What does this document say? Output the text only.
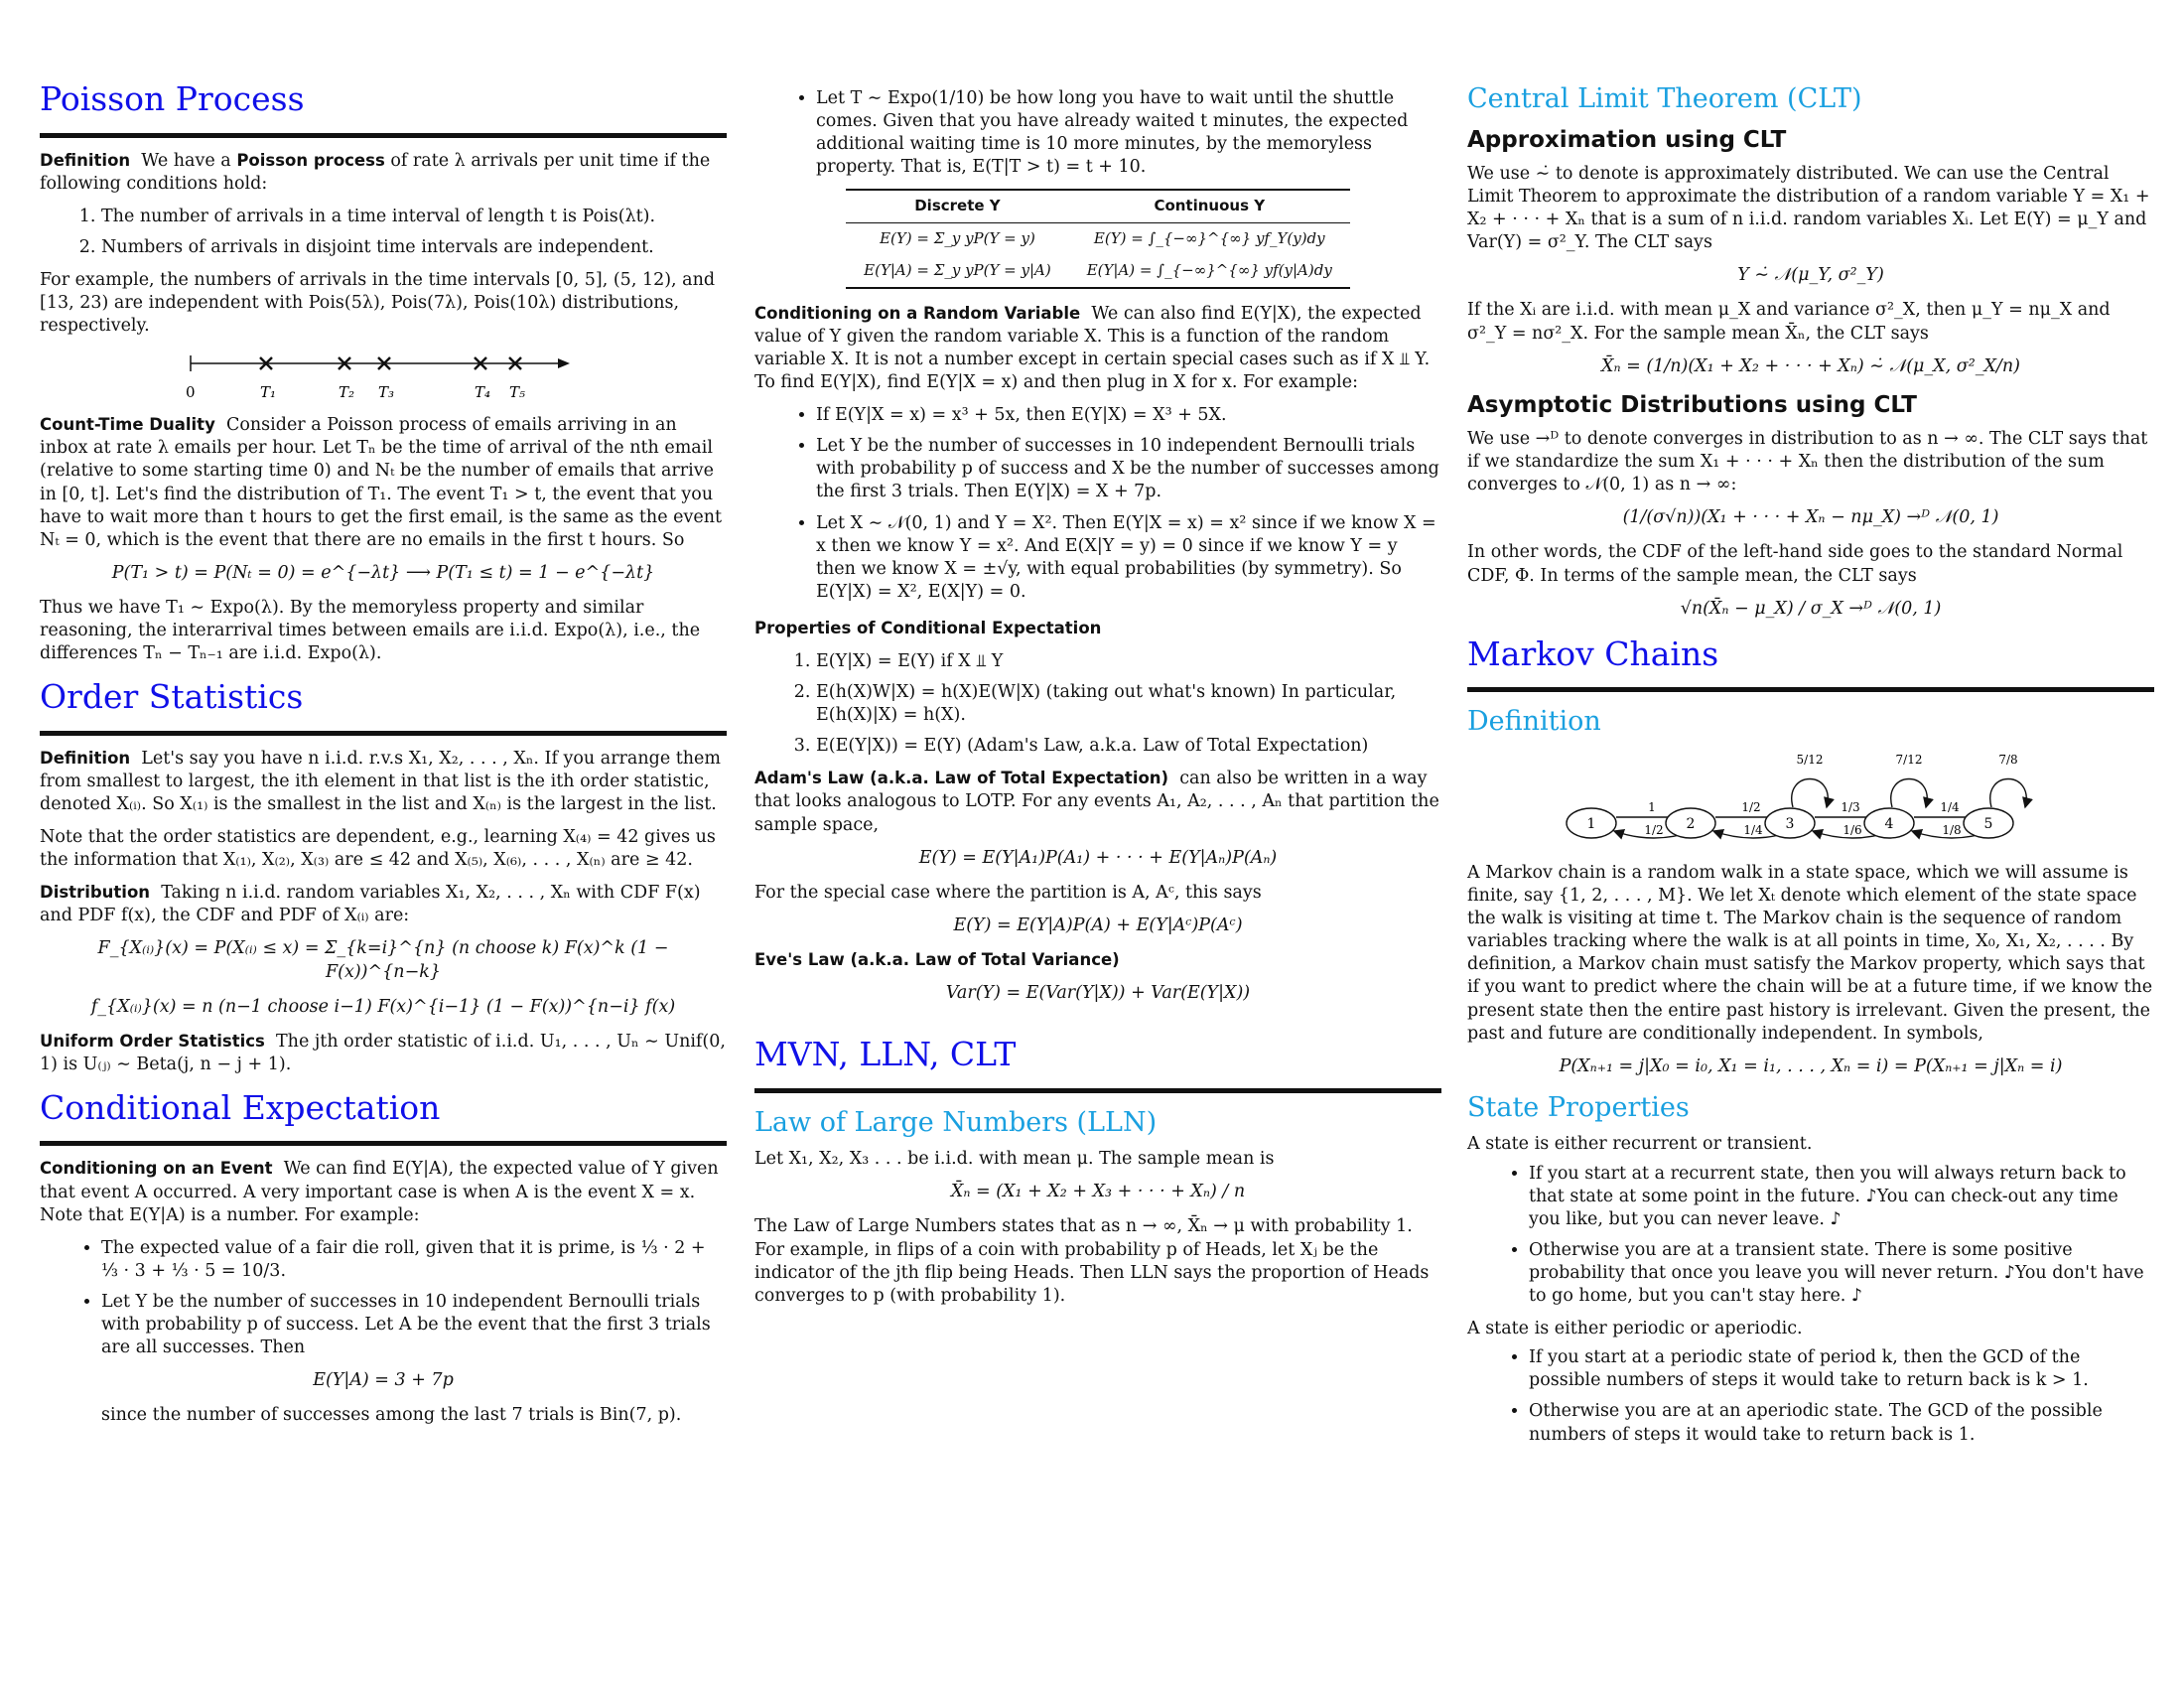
Poisson Process

Definition We have a Poisson process of rate λ arrivals per unit time if the following conditions hold:

1. The number of arrivals in a time interval of length t is Pois(λt).
2. Numbers of arrivals in disjoint time intervals are independent.

For example, the numbers of arrivals in the time intervals [0, 5], (5, 12), and [13, 23) are independent with Pois(5λ), Pois(7λ), Pois(10λ) distributions, respectively.

0	T₁	T₂ T₃	T₄ T₅

Count-Time Duality Consider a Poisson process of emails arriving in an inbox at rate λ emails per hour. Let Tₙ be the time of arrival of the nth email (relative to some starting time 0) and Nₜ be the number of emails that arrive in [0, t]. Let's find the distribution of T₁. The event T₁ > t, the event that you have to wait more than t hours to get the first email, is the same as the event Nₜ = 0, which is the event that there are no emails in the first t hours. So

P(T₁ > t) = P(Nₜ = 0) = e^{−λt} ⟶ P(T₁ ≤ t) = 1 − e^{−λt}

Thus we have T₁ ∼ Expo(λ). By the memoryless property and similar reasoning, the interarrival times between emails are i.i.d. Expo(λ), i.e., the differences Tₙ − Tₙ₋₁ are i.i.d. Expo(λ).

Order Statistics

Definition Let's say you have n i.i.d. r.v.s X₁, X₂, . . . , Xₙ. If you arrange them from smallest to largest, the ith element in that list is the ith order statistic, denoted X₍ᵢ₎. So X₍₁₎ is the smallest in the list and X₍ₙ₎ is the largest in the list.

Note that the order statistics are dependent, e.g., learning X₍₄₎ = 42 gives us the information that X₍₁₎, X₍₂₎, X₍₃₎ are ≤ 42 and X₍₅₎, X₍₆₎, . . . , X₍ₙ₎ are ≥ 42.

Distribution Taking n i.i.d. random variables X₁, X₂, . . . , Xₙ with CDF F(x) and PDF f(x), the CDF and PDF of X₍ᵢ₎ are:

F_{X₍ᵢ₎}(x) = P(X₍ᵢ₎ ≤ x) = Σ_{k=i}^{n} (n choose k) F(x)^k (1 − F(x))^{n−k}
f_{X₍ᵢ₎}(x) = n (n−1 choose i−1) F(x)^{i−1} (1 − F(x))^{n−i} f(x)

Uniform Order Statistics The jth order statistic of i.i.d. U₁, . . . , Uₙ ∼ Unif(0, 1) is U₍ⱼ₎ ∼ Beta(j, n − j + 1).

Conditional Expectation

Conditioning on an Event We can find E(Y|A), the expected value of Y given that event A occurred. A very important case is when A is the event X = x. Note that E(Y|A) is a number. For example:

• The expected value of a fair die roll, given that it is prime, is ⅓ · 2 + ⅓ · 3 + ⅓ · 5 = 10/3.
• Let Y be the number of successes in 10 independent Bernoulli trials with probability p of success. Let A be the event that the first 3 trials are all successes. Then
E(Y|A) = 3 + 7p

since the number of successes among the last 7 trials is Bin(7, p).

• Let T ∼ Expo(1/10) be how long you have to wait until the shuttle comes. Given that you have already waited t minutes, the expected additional waiting time is 10 more minutes, by the memoryless property. That is, E(T|T > t) = t + 10.
Discrete Y	Continuous Y
E(Y) = Σ_y yP(Y = y)	E(Y) = ∫_{−∞}^{∞} yf_Y(y)dy
E(Y|A) = Σ_y yP(Y = y|A)	E(Y|A) = ∫_{−∞}^{∞} yf(y|A)dy

Conditioning on a Random Variable We can also find E(Y|X), the expected value of Y given the random variable X. This is a function of the random variable X. It is not a number except in certain special cases such as if X ⫫ Y. To find E(Y|X), find E(Y|X = x) and then plug in X for x. For example:

• If E(Y|X = x) = x³ + 5x, then E(Y|X) = X³ + 5X.
• Let Y be the number of successes in 10 independent Bernoulli trials with probability p of success and X be the number of successes among the first 3 trials. Then E(Y|X) = X + 7p.
• Let X ∼ 𝒩(0, 1) and Y = X². Then E(Y|X = x) = x² since if we know X = x then we know Y = x². And E(X|Y = y) = 0 since if we know Y = y then we know X = ±√y, with equal probabilities (by symmetry). So E(Y|X) = X², E(X|Y) = 0.

Properties of Conditional Expectation

1. E(Y|X) = E(Y) if X ⫫ Y
2. E(h(X)W|X) = h(X)E(W|X) (taking out what's known) In particular, E(h(X)|X) = h(X).
3. E(E(Y|X)) = E(Y) (Adam's Law, a.k.a. Law of Total Expectation)

Adam's Law (a.k.a. Law of Total Expectation) can also be written in a way that looks analogous to LOTP. For any events A₁, A₂, . . . , Aₙ that partition the sample space,

E(Y) = E(Y|A₁)P(A₁) + · · · + E(Y|Aₙ)P(Aₙ)

For the special case where the partition is A, Aᶜ, this says

E(Y) = E(Y|A)P(A) + E(Y|Aᶜ)P(Aᶜ)

Eve's Law (a.k.a. Law of Total Variance)

Var(Y) = E(Var(Y|X)) + Var(E(Y|X))
MVN, LLN, CLT
Law of Large Numbers (LLN)

Let X₁, X₂, X₃ . . . be i.i.d. with mean μ. The sample mean is

X̄ₙ = (X₁ + X₂ + X₃ + · · · + Xₙ) / n

The Law of Large Numbers states that as n → ∞, X̄ₙ → μ with probability 1. For example, in flips of a coin with probability p of Heads, let Xⱼ be the indicator of the jth flip being Heads. Then LLN says the proportion of Heads converges to p (with probability 1).

Central Limit Theorem (CLT)
Approximation using CLT

We use ∼̇ to denote is approximately distributed. We can use the Central Limit Theorem to approximate the distribution of a random variable Y = X₁ + X₂ + · · · + Xₙ that is a sum of n i.i.d. random variables Xᵢ. Let E(Y) = μ_Y and Var(Y) = σ²_Y. The CLT says

Y ∼̇ 𝒩(μ_Y, σ²_Y)

If the Xᵢ are i.i.d. with mean μ_X and variance σ²_X, then μ_Y = nμ_X and σ²_Y = nσ²_X. For the sample mean X̄ₙ, the CLT says

X̄ₙ = (1/n)(X₁ + X₂ + · · · + Xₙ) ∼̇ 𝒩(μ_X, σ²_X/n)
Asymptotic Distributions using CLT

We use →ᴰ to denote converges in distribution to as n → ∞. The CLT says that if we standardize the sum X₁ + · · · + Xₙ then the distribution of the sum converges to 𝒩(0, 1) as n → ∞:

(1/(σ√n))(X₁ + · · · + Xₙ − nμ_X) →ᴰ 𝒩(0, 1)

In other words, the CDF of the left-hand side goes to the standard Normal CDF, Φ. In terms of the sample mean, the CLT says

√n(X̄ₙ − μ_X) / σ_X →ᴰ 𝒩(0, 1)
Markov Chains
Definition
1	2	3	4	5
1	1/2	1/3	1/4
1/2	1/4	1/6	1/8
5/12	7/12	7/8

A Markov chain is a random walk in a state space, which we will assume is finite, say {1, 2, . . . , M}. We let Xₜ denote which element of the state space the walk is visiting at time t. The Markov chain is the sequence of random variables tracking where the walk is at all points in time, X₀, X₁, X₂, . . . . By definition, a Markov chain must satisfy the Markov property, which says that if you want to predict where the chain will be at a future time, if we know the present state then the entire past history is irrelevant. Given the present, the past and future are conditionally independent. In symbols,

P(Xₙ₊₁ = j|X₀ = i₀, X₁ = i₁, . . . , Xₙ = i) = P(Xₙ₊₁ = j|Xₙ = i)
State Properties

A state is either recurrent or transient.

• If you start at a recurrent state, then you will always return back to that state at some point in the future. ♪You can check-out any time you like, but you can never leave. ♪
• Otherwise you are at a transient state. There is some positive probability that once you leave you will never return. ♪You don't have to go home, but you can't stay here. ♪

A state is either periodic or aperiodic.

• If you start at a periodic state of period k, then the GCD of the possible numbers of steps it would take to return back is k > 1.
• Otherwise you are at an aperiodic state. The GCD of the possible numbers of steps it would take to return back is 1.
